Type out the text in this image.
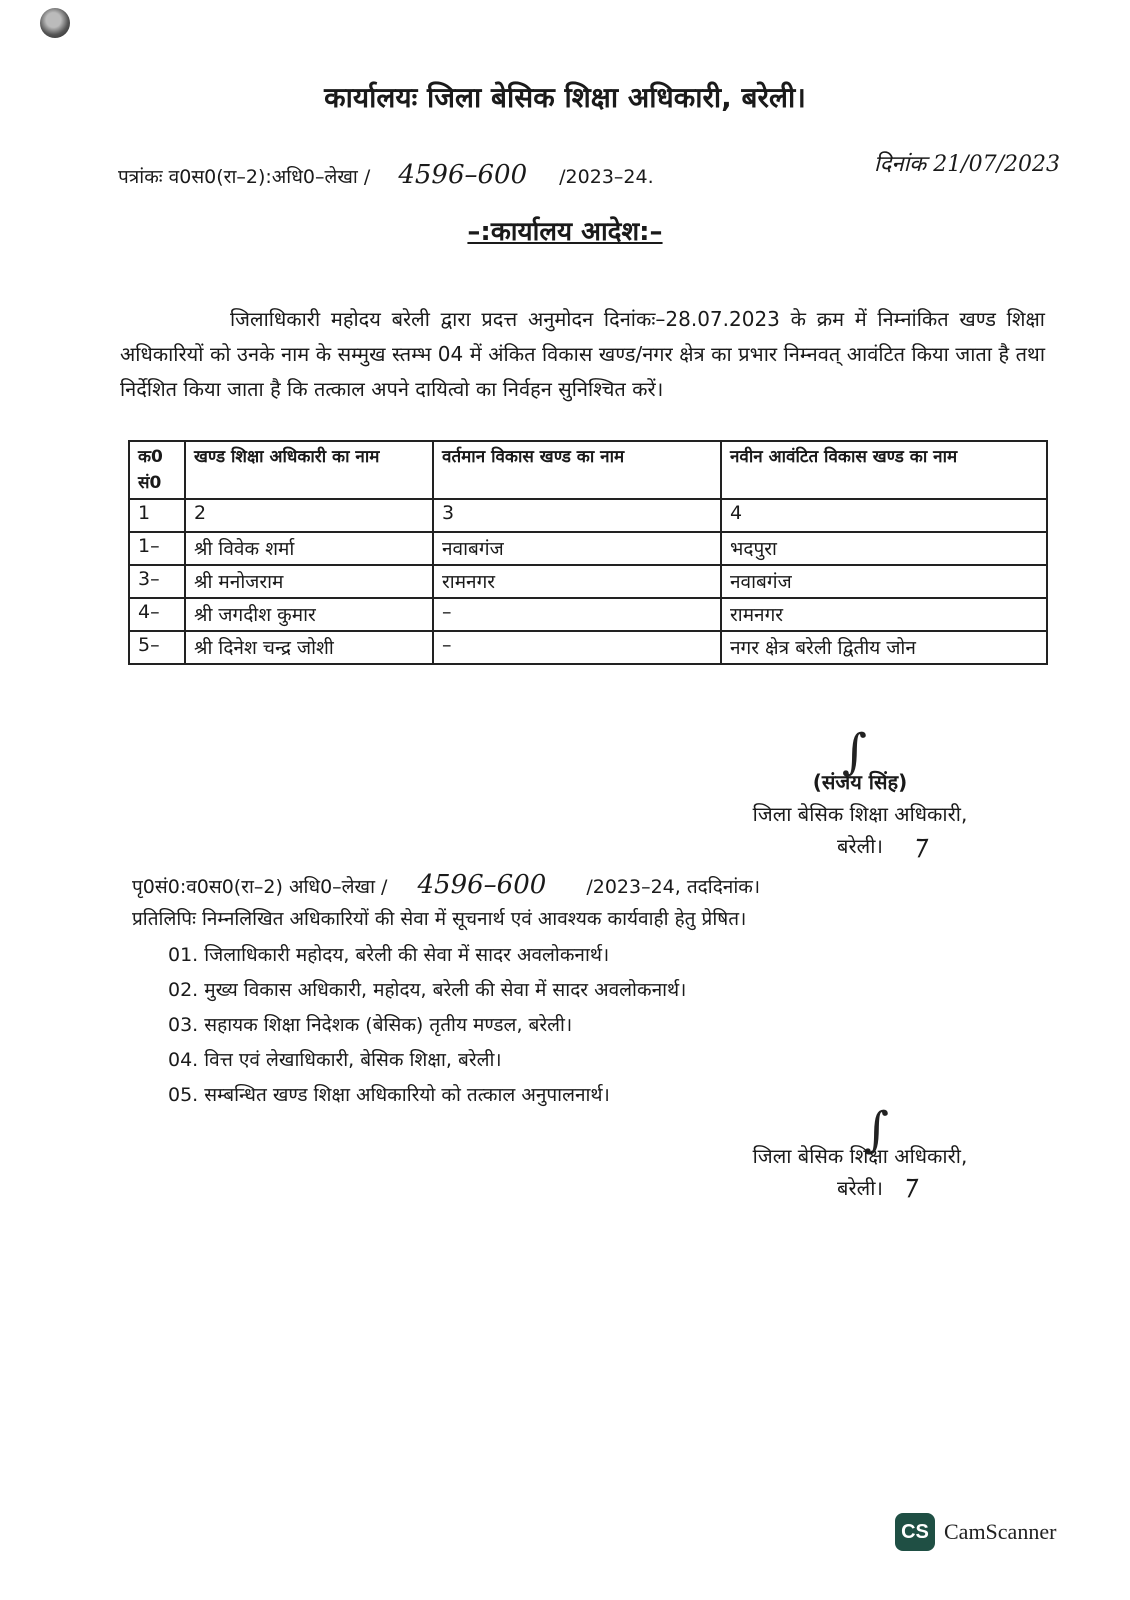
कार्यालयः जिला बेसिक शिक्षा अधिकारी, बरेली।
पत्रांकः व0स0(रा–2):अधि0–लेखा / 4596–600 /2023–24.	दिनांक 21/07/2023
–:कार्यालय आदेश:–
जिलाधिकारी महोदय बरेली द्वारा प्रदत्त अनुमोदन दिनांकः–28.07.2023 के क्रम में निम्नांकित खण्ड शिक्षा अधिकारियों को उनके नाम के सम्मुख स्तम्भ 04 में अंकित विकास खण्ड/नगर क्षेत्र का प्रभार निम्नवत् आवंटित किया जाता है तथा निर्देशित किया जाता है कि तत्काल अपने दायित्वो का निर्वहन सुनिश्चित करें।
क0 सं0	खण्ड शिक्षा अधिकारी का नाम	वर्तमान विकास खण्ड का नाम	नवीन आवंटित विकास खण्ड का नाम
1	2	3	4
1–	श्री विवेक शर्मा	नवाबगंज	भदपुरा
3–	श्री मनोजराम	रामनगर	नवाबगंज
4–	श्री जगदीश कुमार	–	रामनगर
5–	श्री दिनेश चन्द्र जोशी	–	नगर क्षेत्र बरेली द्वितीय जोन
∫
(संजय सिंह)
जिला बेसिक शिक्षा अधिकारी,
बरेली।	⁊
पृ0सं0:व0स0(रा–2) अधि0–लेखा / 4596–600 /2023–24, तददिनांक।
प्रतिलिपिः निम्नलिखित अधिकारियों की सेवा में सूचनार्थ एवं आवश्यक कार्यवाही हेतु प्रेषित।
01. जिलाधिकारी महोदय, बरेली की सेवा में सादर अवलोकनार्थ।
02. मुख्य विकास अधिकारी, महोदय, बरेली की सेवा में सादर अवलोकनार्थ।
03. सहायक शिक्षा निदेशक (बेसिक) तृतीय मण्डल, बरेली।
04. वित्त एवं लेखाधिकारी, बेसिक शिक्षा, बरेली।
05. सम्बन्धित खण्ड शिक्षा अधिकारियो को तत्काल अनुपालनार्थ।
∫
जिला बेसिक शिक्षा अधिकारी,
बरेली। ⁊
CS CamScanner
